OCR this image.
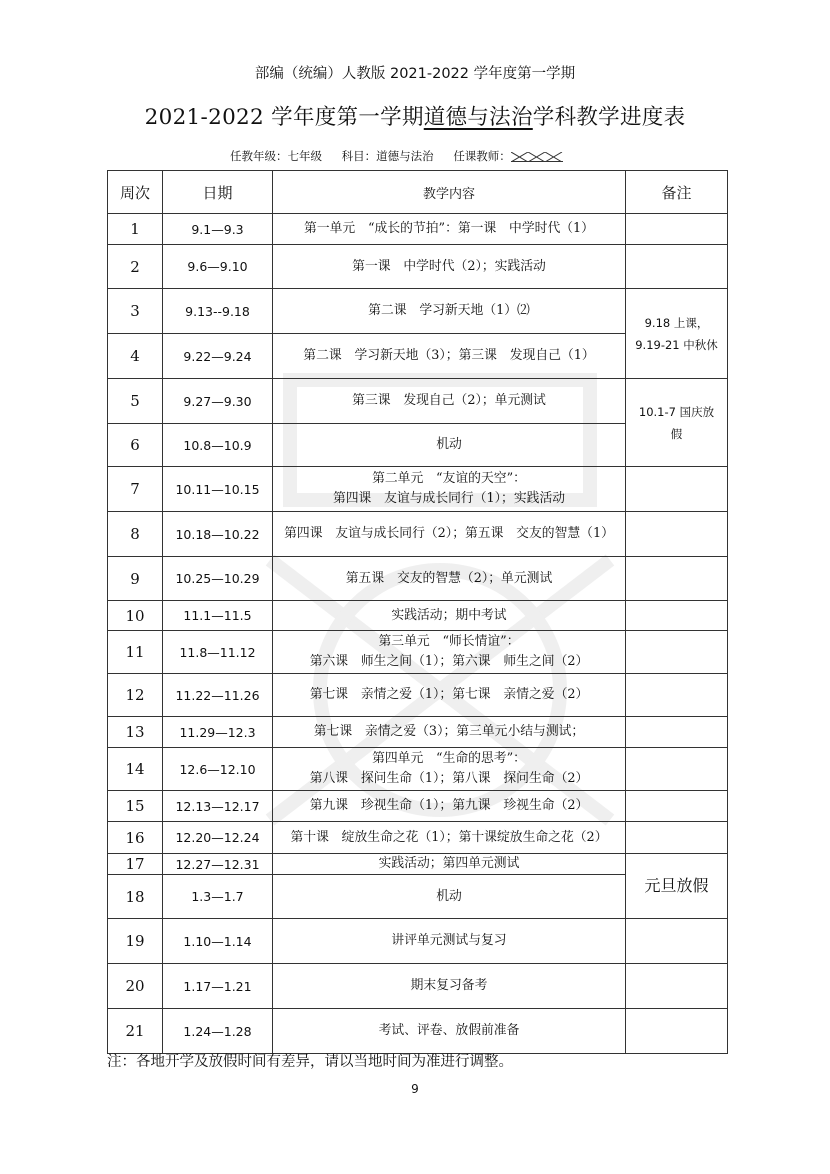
部编（统编）人教版 2021-2022 学年度第一学期
2021-2022 学年度第一学期道德与法治学科教学进度表
任教年级：七年级 科目：道德与法治 任课教师：
周次	日期	教学内容	备注
1	9.1—9.3	第一单元　“成长的节拍”：第一课　中学时代（1）	
2	9.6—9.10	第一课　中学时代（2）；实践活动	
3	9.13--9.18	第二课　学习新天地（1）⑵	9.18 上课，
9.19-21 中秋休

4	9.22—9.24	第二课　学习新天地（3）；第三课　发现自己（1）	
5	9.27—9.30	第三课　发现自己（2）；单元测试	10.1-7 国庆放
假

6	10.8—10.9	机动	
7	10.11—10.15	第二单元　“友谊的天空”：
第四课　友谊与成长同行（1）；实践活动	

8	10.18—10.22	第四课　友谊与成长同行（2）；第五课　交友的智慧（1）	
9	10.25—10.29	第五课　交友的智慧（2）；单元测试	
10	11.1—11.5	实践活动；期中考试	
11	11.8—11.12	第三单元　“师长情谊”：
第六课　师生之间（1）；第六课　师生之间（2）	

12	11.22—11.26	第七课　亲情之爱（1）；第七课　亲情之爱（2）	
13	11.29—12.3	第七课　亲情之爱（3）；第三单元小结与测试；	
14	12.6—12.10	第四单元　“生命的思考”：
第八课　探问生命（1）；第八课　探问生命（2）	

15	12.13—12.17	第九课　珍视生命（1）；第九课　珍视生命（2）	
16	12.20—12.24	第十课　绽放生命之花（1）；第十课绽放生命之花（2）	
17	12.27—12.31	实践活动；第四单元测试	元旦放假
18	1.3—1.7	机动	
19	1.10—1.14	讲评单元测试与复习	
20	1.17—1.21	期末复习备考	
21	1.24—1.28	考试、评卷、放假前准备	
注：各地开学及放假时间有差异，请以当地时间为准进行调整。
9
